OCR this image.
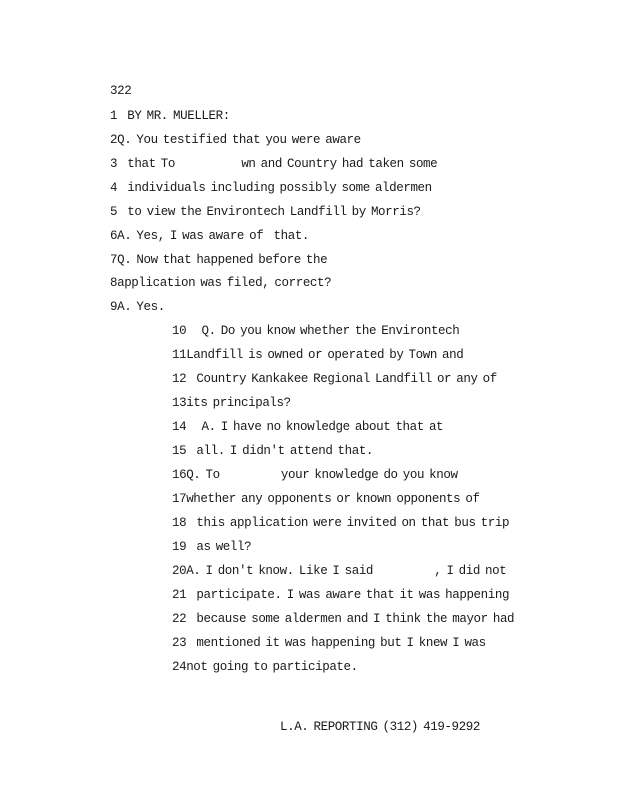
322
1  BY MR. MUELLER:
2Q. You testified that you were aware
3  that To             wn and Country had taken some
4  individuals including possibly some aldermen
5  to view the Environtech Landfill by Morris?
6A. Yes, I was aware of  that.
7Q. Now that happened before the
8application was filed, correct?
9A. Yes.
10   Q. Do you know whether the Environtech
11Landfill is owned or operated by Town and
12  Country Kankakee Regional Landfill or any of
13its principals?
14   A. I have no knowledge about that at
15  all. I didn't attend that.
16Q. To            your knowledge do you know
17whether any opponents or known opponents of
18  this application were invited on that bus trip
19  as well?
20A. I don't know. Like I said            , I did not
21  participate. I was aware that it was happening
22  because some aldermen and I think the mayor had
23  mentioned it was happening but I knew I was
24not going to participate.
L.A. REPORTING (312) 419-9292
